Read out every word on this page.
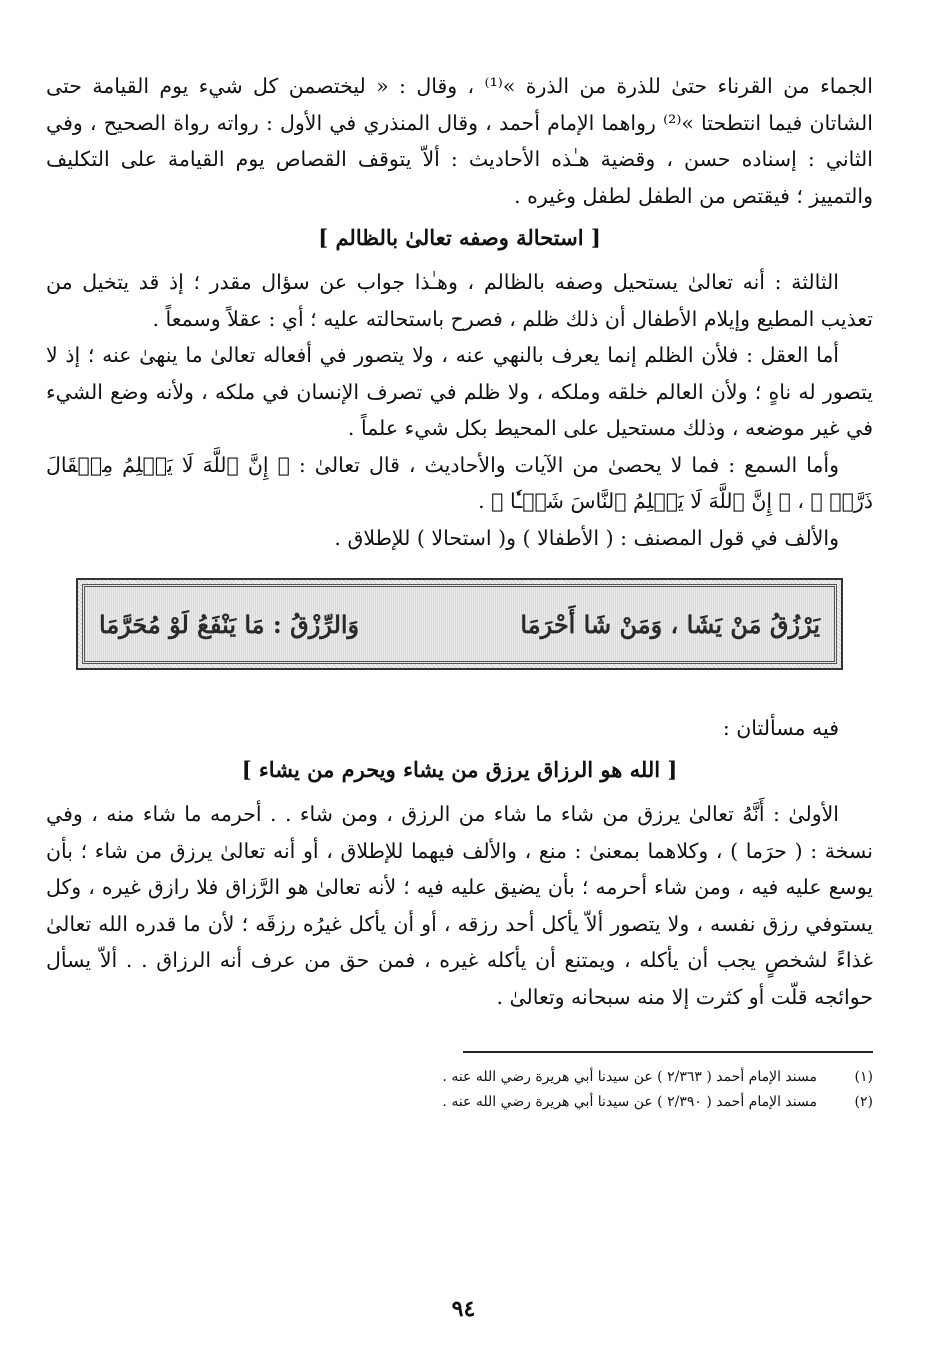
الجماء من القرناء حتىٰ للذرة من الذرة »⁽¹⁾ ، وقال : « ليختصمن كل شيء يوم القيامة حتى الشاتان فيما انتطحتا »⁽²⁾ رواهما الإمام أحمد ، وقال المنذري في الأول : رواته رواة الصحيح ، وفي الثاني : إسناده حسن ، وقضية هـٰذه الأحاديث : ألاّ يتوقف القصاص يوم القيامة على التكليف والتمييز ؛ فيقتص من الطفل لطفل وغيره .

[ استحالة وصفه تعالىٰ بالظالم ]

الثالثة : أنه تعالىٰ يستحيل وصفه بالظالم ، وهـٰذا جواب عن سؤال مقدر ؛ إذ قد يتخيل من تعذيب المطيع وإيلام الأطفال أن ذلك ظلم ، فصرح باستحالته عليه ؛ أي : عقلاً وسمعاً .

أما العقل : فلأن الظلم إنما يعرف بالنهي عنه ، ولا يتصور في أفعاله تعالىٰ ما ينهىٰ عنه ؛ إذ لا يتصور له ناهٍ ؛ ولأن العالم خلقه وملكه ، ولا ظلم في تصرف الإنسان في ملكه ، ولأنه وضع الشيء في غير موضعه ، وذلك مستحيل على المحيط بكل شيء علماً .

وأما السمع : فما لا يحصىٰ من الآيات والأحاديث ، قال تعالىٰ : ﴿ إِنَّ ٱللَّهَ لَا يَظۡلِمُ مِثۡقَالَ ذَرَّةٖ ﴾ ، ﴿ إِنَّ ٱللَّهَ لَا يَظۡلِمُ ٱلنَّاسَ شَيۡـٔٗا ﴾ .

والألف في قول المصنف : ( الأطفالا ) و( استحالا ) للإطلاق .

يَرْزُقُ مَنْ يَشَا ، وَمَنْ شَا أَحْرَمَا
وَالرِّزْقُ : مَا يَنْفَعُ لَوْ مُحَرَّمَا
فيه مسألتان :
[ الله هو الرزاق يرزق من يشاء ويحرم من يشاء ]

الأولىٰ : أَنَّهُ تعالىٰ يرزق من شاء ما شاء من الرزق ، ومن شاء . . أحرمه ما شاء منه ، وفي نسخة : ( حرَما ) ، وكلاهما بمعنىٰ : منع ، والألف فيهما للإطلاق ، أو أنه تعالىٰ يرزق من شاء ؛ بأن يوسع عليه فيه ، ومن شاء أحرمه ؛ بأن يضيق عليه فيه ؛ لأنه تعالىٰ هو الرَّزاق فلا رازق غيره ، وكل يستوفي رزق نفسه ، ولا يتصور ألاّ يأكل أحد رزقه ، أو أن يأكل غيرُه رزقَه ؛ لأن ما قدره الله تعالىٰ غذاءً لشخصٍ يجب أن يأكله ، ويمتنع أن يأكله غيره ، فمن حق من عرف أنه الرزاق . . ألاّ يسأل حوائجه قلّت أو كثرت إلا منه سبحانه وتعالىٰ .

(١)
مسند الإمام أحمد ( ٢/٣٦٣ ) عن سيدنا أبي هريرة رضي الله عنه .
(٢)
مسند الإمام أحمد ( ٢/٣٩٠ ) عن سيدنا أبي هريرة رضي الله عنه .
٩٤
